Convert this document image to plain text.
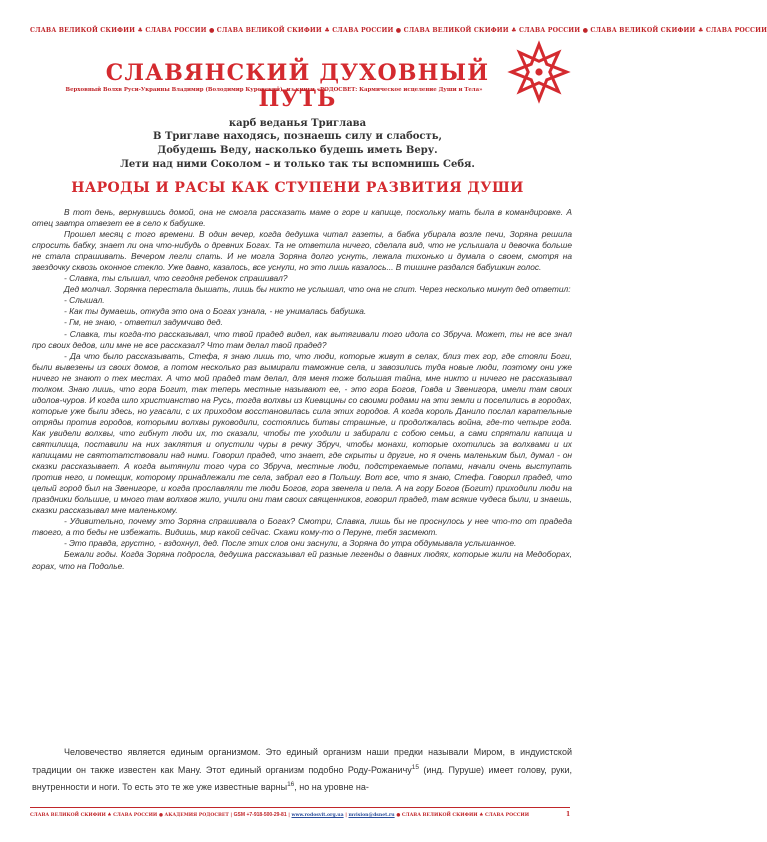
СЛАВА ВЕЛИКОЙ СКИФИИ ♣ СЛАВА РОССИИ ● СЛАВА ВЕЛИКОЙ СКИФИИ ♣ СЛАВА РОССИИ ● СЛАВА ВЕЛИКОЙ СКИФИИ ♣ СЛАВА РОССИИ ● СЛАВА ВЕЛИКОЙ СКИФИИ ♣ СЛАВА РОССИИ
СЛАВЯНСКИЙ ДУХОВНЫЙ ПУТЬ
Верховный Волхв Руси-Украины Владимир (Володимир Куровский), из книги «РОДОСВЕТ: Кармическое исцеление Души и Тела»
карб веданья Триглава
В Триглаве находясь, познаешь силу и слабость,
Добудешь Веду, насколько будешь иметь Веру.
Лети над ними Соколом – и только так ты вспомнишь Себя.
НАРОДЫ И РАСЫ КАК СТУПЕНИ РАЗВИТИЯ ДУШИ

В тот день, вернувшись домой, она не смогла рассказать маме о горе и капище, поскольку мать была в командировке. А отец завтра отвезет ее в село к бабушке.

Прошел месяц с того времени. В один вечер, когда дедушка читал газеты, а бабка убирала возле печи, Зоряна решила спросить бабку, знает ли она что-нибудь о древних Богах. Та не ответила ничего, сделала вид, что не услышала и девочка больше не стала спрашивать. Вечером легли спать. И не могла Зоряна долго уснуть, лежала тихонько и думала о своем, смотря на звездочку сквозь оконное стекло. Уже давно, казалось, все уснули, но это лишь казалось... В тишине раздался бабушкин голос.

- Славка, ты слышал, что сегодня ребенок спрашивал?

Дед молчал. Зорянка перестала дышать, лишь бы никто не услышал, что она не спит. Через несколько минут дед ответил:

- Слышал.

- Как ты думаешь, откуда это она о Богах узнала, - не унималась бабушка.

- Гм, не знаю, - ответил задумчиво дед.

- Славка, ты когда-то рассказывал, что твой прадед видел, как вытягивали того идола со Збруча. Может, ты не все знал про своих дедов, или мне не все рассказал? Что там делал твой прадед?

- Да что было рассказывать, Стефа, я знаю лишь то, что люди, которые живут в селах, близ тех гор, где стояли Боги, были вывезены из своих домов, а потом несколько раз вымирали таможние села, и завозились туда новые люди, поэтому они уже ничего не знают о тех местах. А что мой прадед там делал, для меня тоже большая тайна, мне никто и ничего не рассказывал толком. Знаю лишь, что гора Богит, так теперь местные называют ее, - это гора Богов, Говда и Звенигора, имели там своих идолов-чуров. И когда шло христианство на Русь, тогда волхвы из Киевщины со своими родами на эти земли и поселились в городах, которые уже были здесь, но угасали, с их приходом восстановилась сила этих городов. А когда король Данило послал карательные отряды против городов, которыми волхвы руководили, состоялись битвы страшные, и продолжалась война, где-то четыре года. Как увидели волхвы, что гибнут люди их, то сказали, чтобы те уходили и забирали с собою семьи, а сами спрятали капища и святилища, поставили на них заклятия и опустили чуры в речку Збруч, чтобы монахи, которые охотились за волхвами и их капищами не святотатствовали над ними. Говорил прадед, что знает, где скрыты и другие, но я очень маленьким был, думал - он сказки рассказывает. А когда вытянули того чура со Збруча, местные люди, подстрекаемые попами, начали очень выступать против него, и помещик, которому принадлежали те села, забрал его в Польшу. Вот все, что я знаю, Стефа. Говорил прадед, что целый город был на Звенигоре, и когда прославляли те люди Богов, гора звенела и пела. А на гору Богов (Богит) приходили люди на праздники большие, и много там волхвов жило, учили они там своих священников, говорил прадед, там всякие чудеса были, и знаешь, сказки рассказывал мне маленькому.

- Удивительно, почему это Зоряна спрашивала о Богах? Смотри, Славка, лишь бы не проснулось у нее что-то от прадеда твоего, а то беды не избежать. Видишь, мир какой сейчас. Скажи кому-то о Перуне, тебя засмеют.

- Это правда, грустно, - вздохнул, дед. После этих слов они заснули, а Зоряна до утра обдумывала услышанное.

Бежали годы. Когда Зоряна подросла, дедушка рассказывал ей разные легенды о давних людях, которые жили на Медоборах, горах, что на Подолье.

Человечество является единым организмом. Это единый организм наши предки называли Миром, в индуистской традиции он также известен как Ману. Этот единый организм подобно Роду-Рожаничу$^{15}$ (инд. Пуруше) имеет голову, руки, внутренности и ноги. То есть это те же уже известные варны$^{16}$, но на уровне на-

СЛАВА ВЕЛИКОЙ СКИФИИ ♣ СЛАВА РОССИИ ● АКАДЕМИЯ РОДОСВЕТ | GSM +7-918-500-29-81 | www.rodosvit.org.ua | mvision@dsnet.ru ● СЛАВА ВЕЛИКОЙ СКИФИИ ♣ СЛАВА РОССИИ	1
